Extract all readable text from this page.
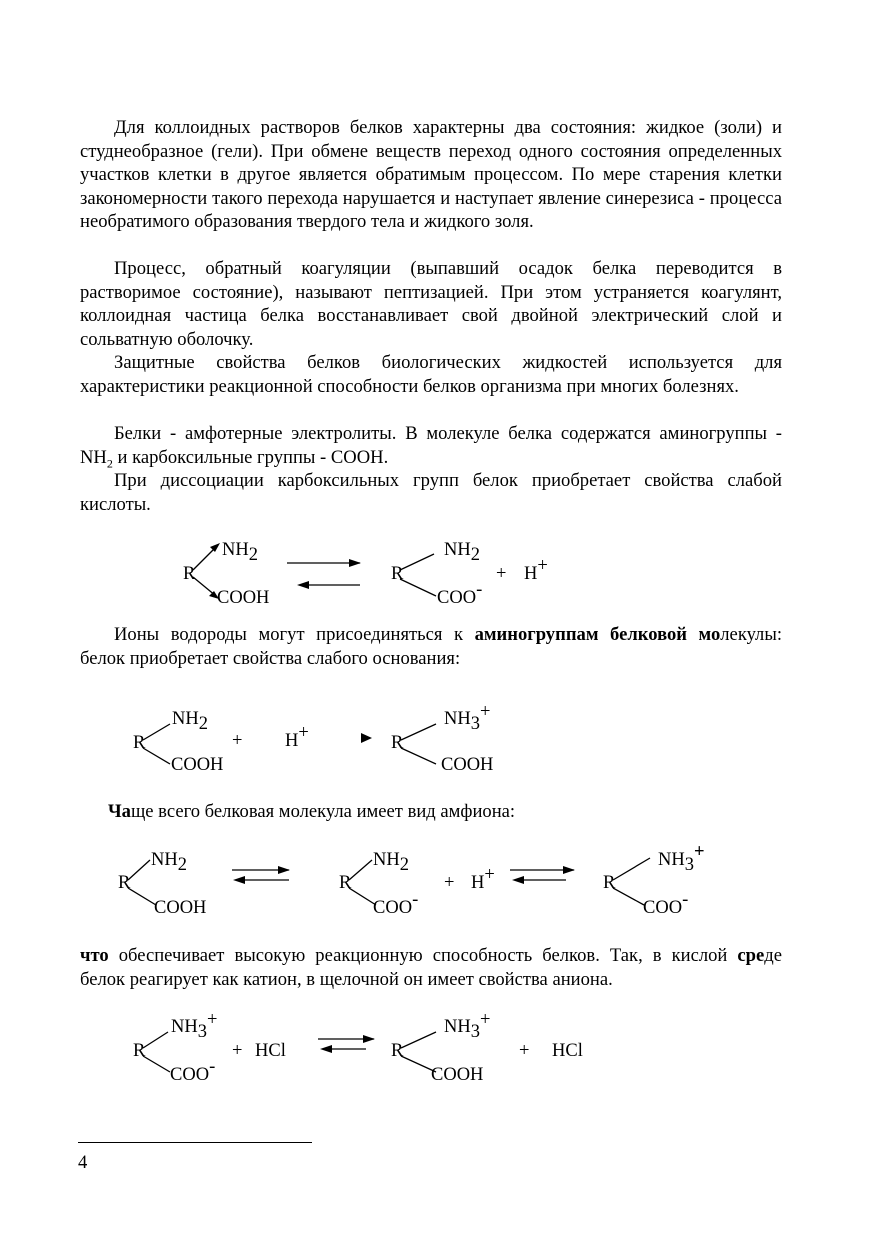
Для коллоидных растворов белков характерны два состояния: жидкое (золи) и студнеобразное (гели). При обмене веществ переход одного состояния определенных участков клетки в другое является обратимым процессом. По мере старения клетки закономерности такого перехода нарушается и наступает явление синерезиса - процесса необратимого образования твердого тела и жидкого золя.

Процесс, обратный коагуляции (выпавший осадок белка переводится в растворимое состояние), называют пептизацией. При этом устраняется коагулянт, коллоидная частица белка восстанавливает свой двойной электрический слой и сольватную оболочку.

Защитные свойства белков биологических жидкостей используется для характеристики реакционной способности белков организма при многих болезнях.

Белки - амфотерные электролиты. В молекуле белка содержатся аминогруппы - $NH_2$ и карбоксильные группы - COOH.

При диссоциации карбоксильных групп белок приобретает свойства слабой кислоты.

R
NH2
COOH
R
NH2
COO-
+ H+

Ионы водороды могут присоединяться к аминогруппам белковой молекулы: белок приобретает свойства слабого основания:

R
NH2
COOH
+ H+	R
NH3+
COOH

Чаще всего белковая молекула имеет вид амфиона:

R
NH2
COOH
R
NH2
COO-
+ H+	R
NH3+
COO-

что обеспечивает высокую реакционную способность белков. Так, в кислой среде белок реагирует как катион, в щелочной он имеет свойства аниона.

R
NH3+
COO-
+ HCl	R
NH3+
COOH
+ HCl
4
